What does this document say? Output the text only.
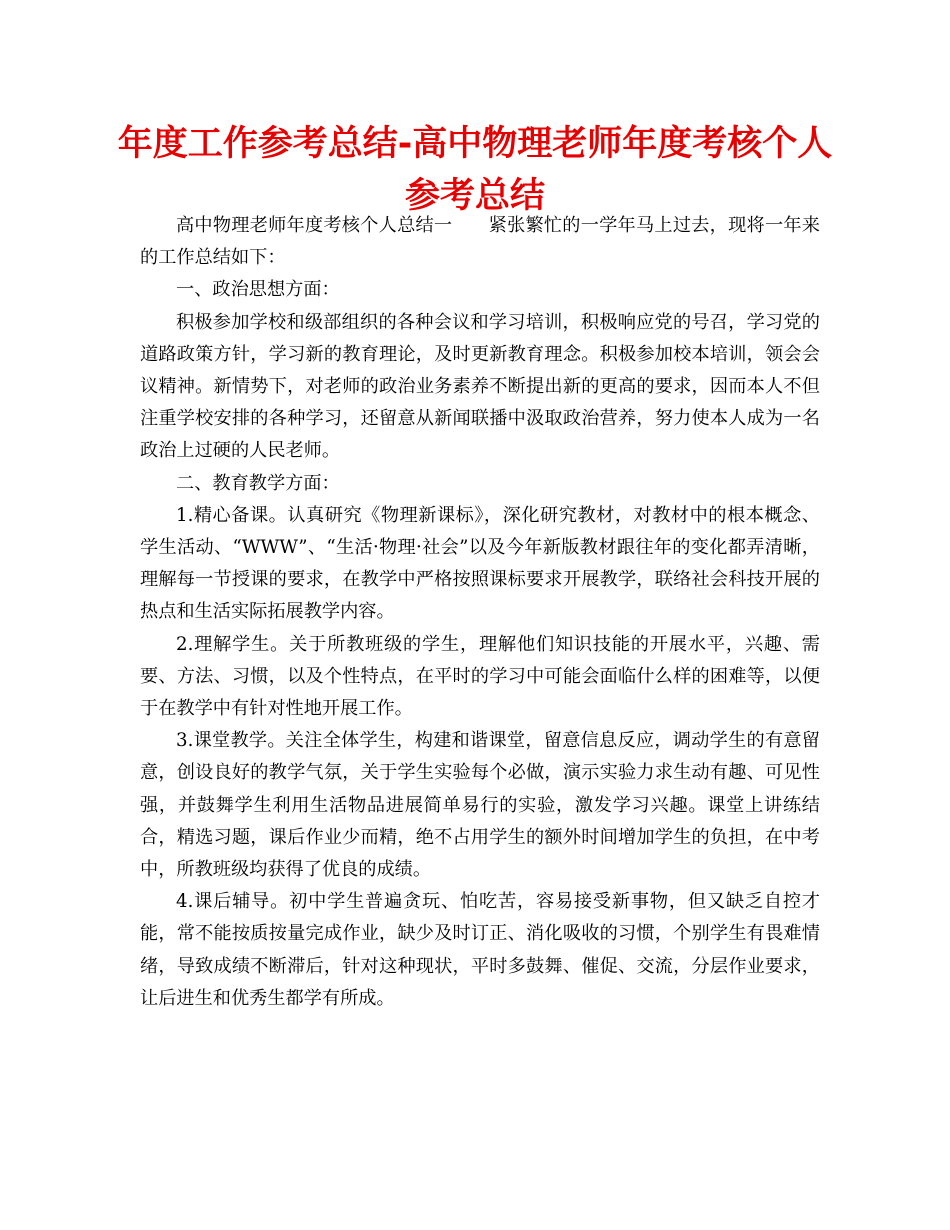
年度工作参考总结-高中物理老师年度考核个人参考总结

高中物理老师年度考核个人总结一 紧张繁忙的一学年马上过去，现将一年来的工作总结如下：

一、政治思想方面：

积极参加学校和级部组织的各种会议和学习培训，积极响应党的号召，学习党的道路政策方针，学习新的教育理论，及时更新教育理念。积极参加校本培训，领会会议精神。新情势下，对老师的政治业务素养不断提出新的更高的要求，因而本人不但注重学校安排的各种学习，还留意从新闻联播中汲取政治营养，努力使本人成为一名政治上过硬的人民老师。

二、教育教学方面：

1.精心备课。认真研究《物理新课标》，深化研究教材，对教材中的根本概念、学生活动、“WWW”、“生活·物理·社会”以及今年新版教材跟往年的变化都弄清晰，理解每一节授课的要求，在教学中严格按照课标要求开展教学，联络社会科技开展的热点和生活实际拓展教学内容。

2.理解学生。关于所教班级的学生，理解他们知识技能的开展水平，兴趣、需要、方法、习惯，以及个性特点，在平时的学习中可能会面临什么样的困难等，以便于在教学中有针对性地开展工作。

3.课堂教学。关注全体学生，构建和谐课堂，留意信息反应，调动学生的有意留意，创设良好的教学气氛，关于学生实验每个必做，演示实验力求生动有趣、可见性强，并鼓舞学生利用生活物品进展简单易行的实验，激发学习兴趣。课堂上讲练结合，精选习题，课后作业少而精，绝不占用学生的额外时间增加学生的负担，在中考中，所教班级均获得了优良的成绩。

4.课后辅导。初中学生普遍贪玩、怕吃苦，容易接受新事物，但又缺乏自控才能，常不能按质按量完成作业，缺少及时订正、消化吸收的习惯，个别学生有畏难情绪，导致成绩不断滞后，针对这种现状，平时多鼓舞、催促、交流，分层作业要求，让后进生和优秀生都学有所成。
